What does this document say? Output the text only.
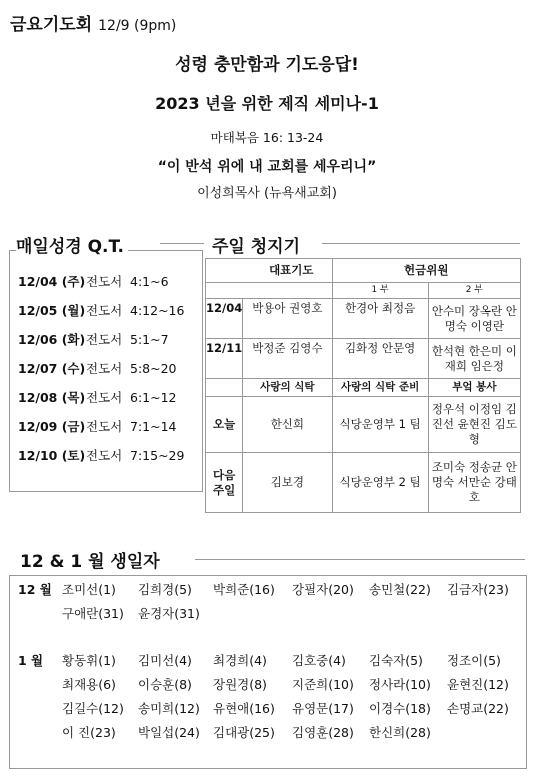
금요기도회 12/9 (9pm)
성령 충만함과 기도응답!
2023 년을 위한 제직 세미나-1
마태복음 16: 13-24
“이 반석 위에 내 교회를 세우리니”
이성희목사 (뉴욕새교회)
매일성경 Q.T.
12/04 (주)전도서 4:1~6
12/05 (월)전도서 4:12~16
12/06 (화)전도서 5:1~7
12/07 (수)전도서 5:8~20
12/08 (목)전도서 6:1~12
12/09 (금)전도서 7:1~14
12/10 (토)전도서 7:15~29
주일 청지기
대표기도		헌금위원	
		1 부	2 부
12/04	박용아 권영호	한경아 최정음	안수미 장옥란 안명숙 이영란
12/11	박정준 김영수	김화정 안문영	한석현 한은미 이재희 임은정
	사랑의 식탁	사랑의 식탁 준비	부엌 봉사
오늘	한신희	식당운영부 1 팀	정우석 이정임 김진선 윤현진 김도형
다음 주일	김보경	식당운영부 2 팀	조미숙 정송균 안명숙 서만순 강태호
12 & 1 월 생일자
12 월 조미선(1) 김희경(5) 박희준(16) 강필자(20) 송민철(22) 김금자(23)
구애란(31) 윤경자(31)
1 월 황동휘(1) 김미선(4) 최경희(4) 김호중(4) 김숙자(5) 정조이(5)
최재용(6) 이승훈(8) 장원경(8) 지준희(10) 정사라(10) 윤현진(12)
김길수(12) 송미희(12) 유현애(16) 유영문(17) 이경수(18) 손명교(22)
이 진(23) 박일섭(24) 김대광(25) 김영훈(28) 한신희(28)
